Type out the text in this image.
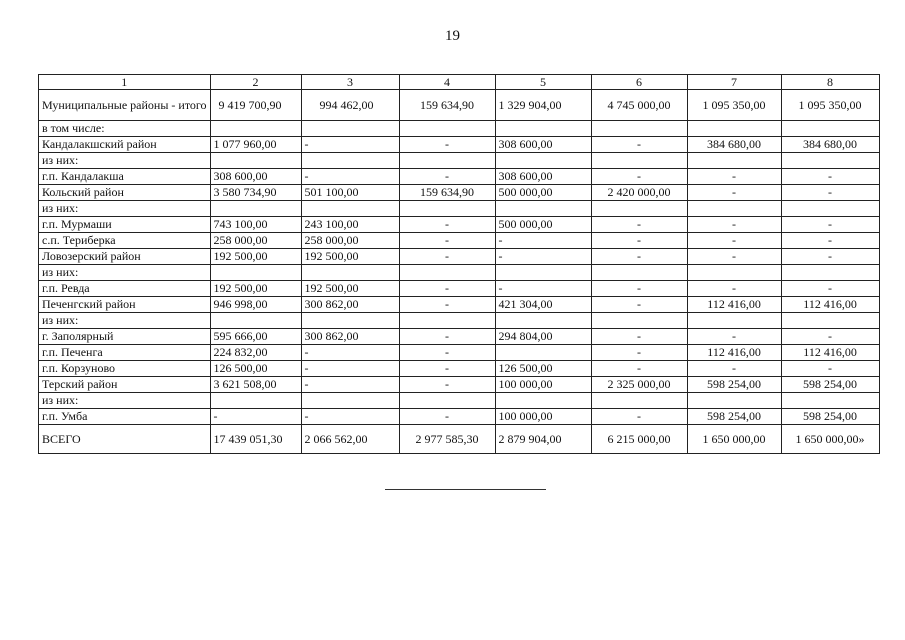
19
1	2	3	4	5	6	7	8
Муниципальные районы - итого	9 419 700,90	994 462,00	159 634,90	1 329 904,00	4 745 000,00	1 095 350,00	1 095 350,00
в том числе:							
Кандалакшский район	1 077 960,00	-	-	308 600,00	-	384 680,00	384 680,00
из них:							
г.п. Кандалакша	308 600,00	-	-	308 600,00	-	-	-
Кольский район	3 580 734,90	501 100,00	159 634,90	500 000,00	2 420 000,00	-	-
из них:							
г.п. Мурмаши	743 100,00	243 100,00	-	500 000,00	-	-	-
с.п. Териберка	258 000,00	258 000,00	-	-	-	-	-
Ловозерский район	192 500,00	192 500,00	-	-	-	-	-
из них:							
г.п. Ревда	192 500,00	192 500,00	-	-	-	-	-
Печенгский район	946 998,00	300 862,00	-	421 304,00	-	112 416,00	112 416,00
из них:							
г. Заполярный	595 666,00	300 862,00	-	294 804,00	-	-	-
г.п. Печенга	224 832,00	-	-		-	112 416,00	112 416,00
г.п. Корзуново	126 500,00	-	-	126 500,00	-	-	-
Терский район	3 621 508,00	-	-	100 000,00	2 325 000,00	598 254,00	598 254,00
из них:							
г.п. Умба	-	-	-	100 000,00	-	598 254,00	598 254,00
ВСЕГО	17 439 051,30	2 066 562,00	2 977 585,30	2 879 904,00	6 215 000,00	1 650 000,00	1 650 000,00»
